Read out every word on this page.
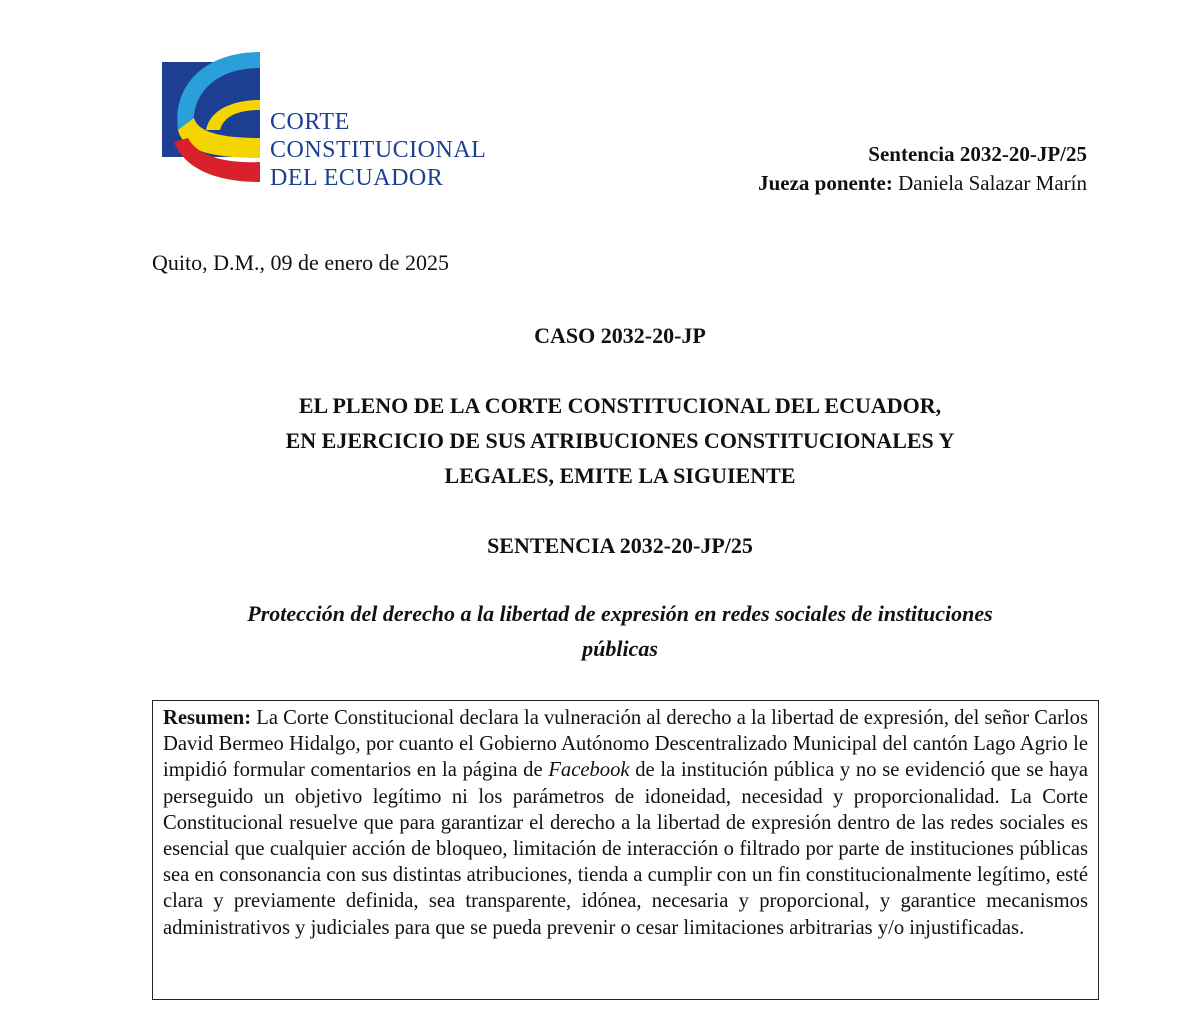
CORTE
CONSTITUCIONAL
DEL ECUADOR
Sentencia 2032-20-JP/25
Jueza ponente: Daniela Salazar Marín
Quito, D.M., 09 de enero de 2025
CASO 2032-20-JP
EL PLENO DE LA CORTE CONSTITUCIONAL DEL ECUADOR,
EN EJERCICIO DE SUS ATRIBUCIONES CONSTITUCIONALES Y
LEGALES, EMITE LA SIGUIENTE
SENTENCIA 2032-20-JP/25
Protección del derecho a la libertad de expresión en redes sociales de instituciones
públicas
Resumen: La Corte Constitucional declara la vulneración al derecho a la libertad de expresión, del señor Carlos David Bermeo Hidalgo, por cuanto el Gobierno Autónomo Descentralizado Municipal del cantón Lago Agrio le impidió formular comentarios en la página de Facebook de la institución pública y no se evidenció que se haya perseguido un objetivo legítimo ni los parámetros de idoneidad, necesidad y proporcionalidad. La Corte Constitucional resuelve que para garantizar el derecho a la libertad de expresión dentro de las redes sociales es esencial que cualquier acción de bloqueo, limitación de interacción o filtrado por parte de instituciones públicas sea en consonancia con sus distintas atribuciones, tienda a cumplir con un fin constitucionalmente legítimo, esté clara y previamente definida, sea transparente, idónea, necesaria y proporcional, y garantice mecanismos administrativos y judiciales para que se pueda prevenir o cesar limitaciones arbitrarias y/o injustificadas.
